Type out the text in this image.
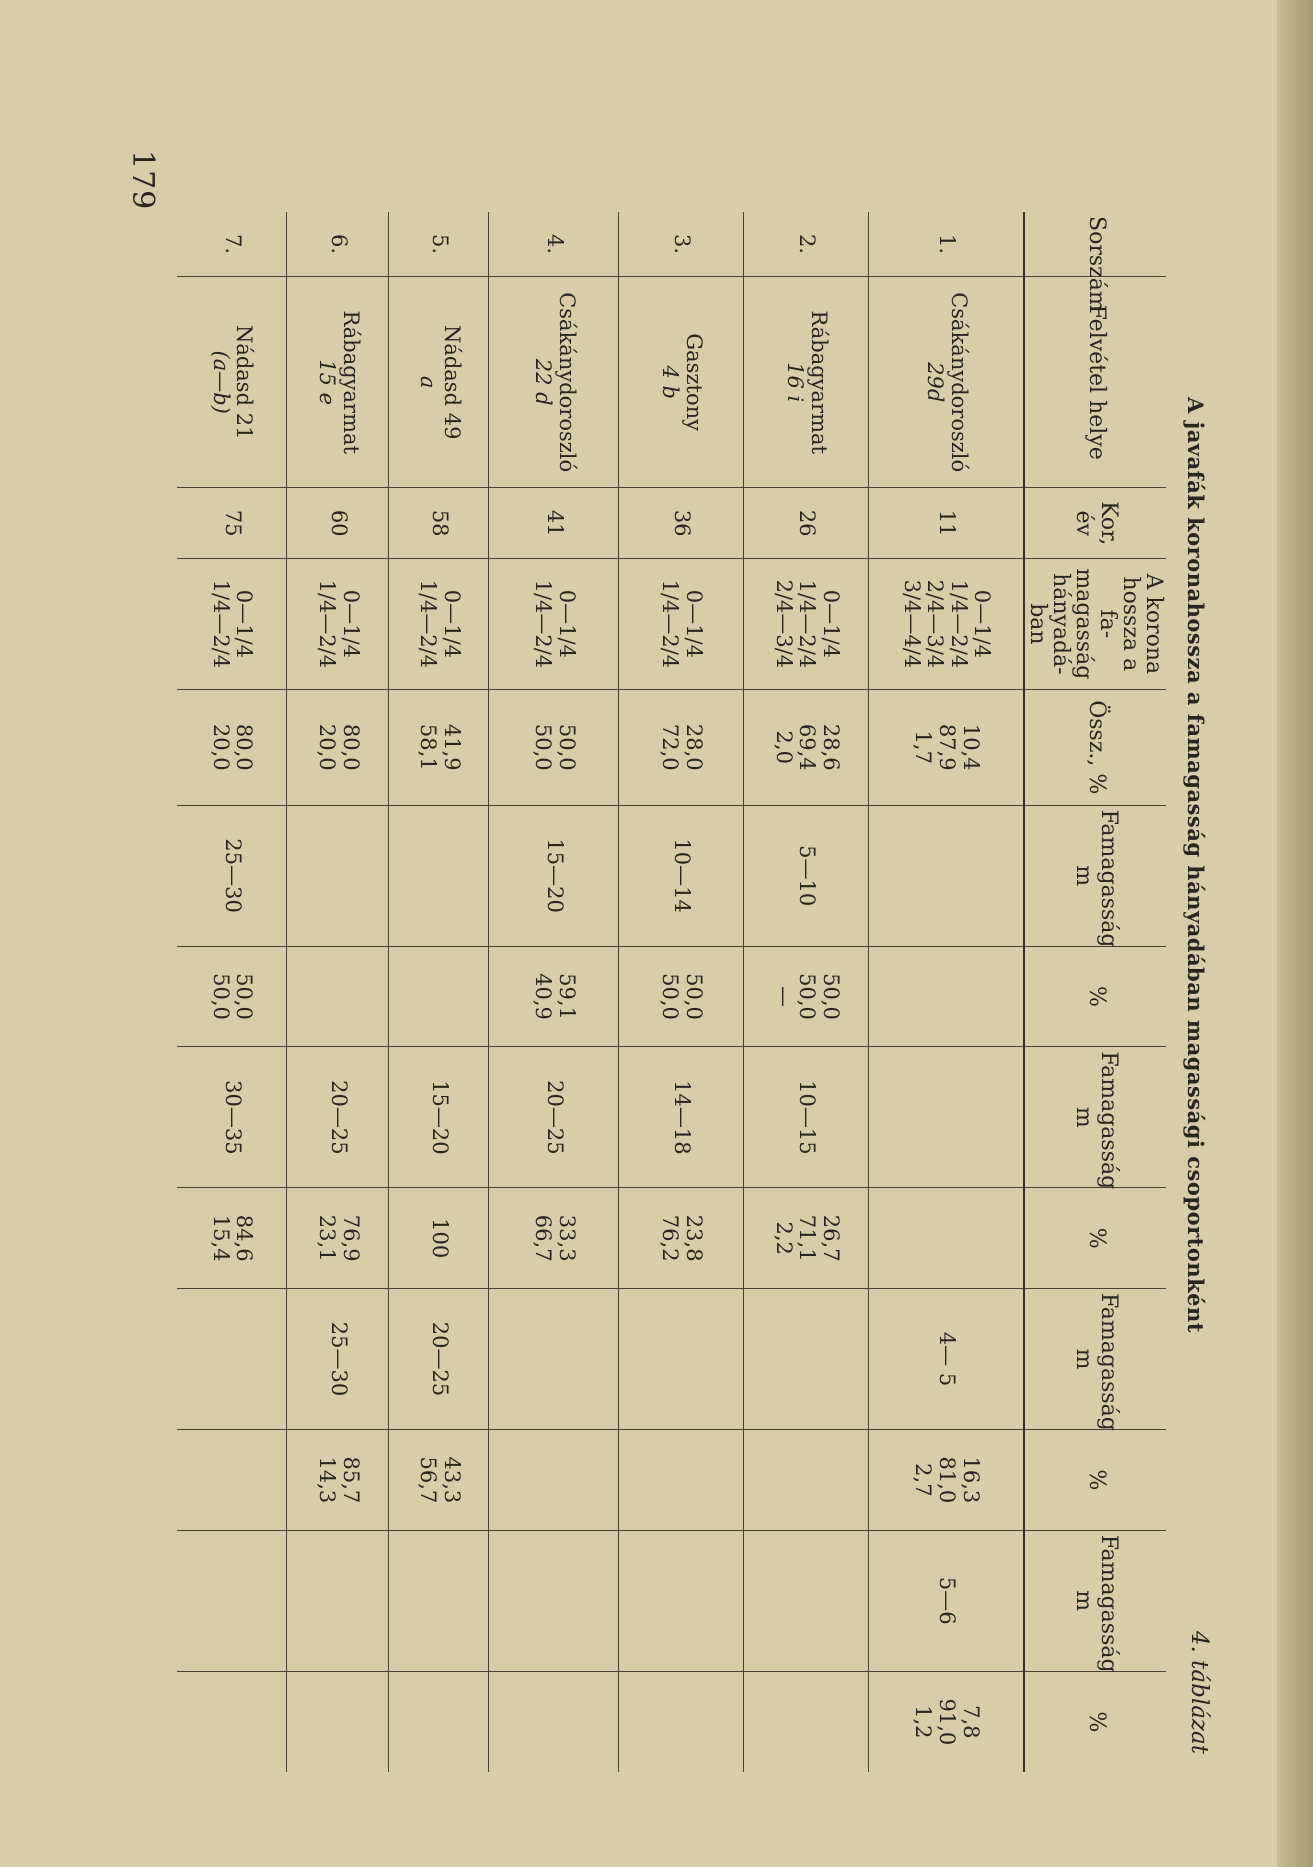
179
4. táblázat
A javafák koronahossza a famagasság hányadában magassági csoportonként
Sorszám	Felvétel helye	Kor, év	A korona
hossza a fa-
magasság
hányadá-
ban	Össz., %	Famagasság m	%	Famagasság m	%	Famagasság m	%	Famagasság m	%
1.	Csákánydoroszló
29d	11	0—1/4
1/4—2/4
2/4—3/4
3/4—4/4	10,4
87,9
1,7					4— 5	16,3
81,0
2,7	5—6	7,8
91,0
1,2

2.	Rábagyarmat
16 i	26	0—1/4
1/4—2/4
2/4—3/4	28,6
69,4
2,0	5—10	50,0
50,0
—	10—15	26,7
71,1
2,2				

3.	Gasztony
4 b	36	0—1/4
1/4—2/4	28,0
72,0	10—14	50,0
50,0	14—18	23,8
76,2				

4.	Csákánydoroszló
22 d	41	0—1/4
1/4—2/4	50,0
50,0	15—20	59,1
40,9	20—25	33,3
66,7				

5.	Nádasd 49
a	58	0—1/4
1/4—2/4	41,9
58,1			15—20	100	20—25	43,3
56,7		

6.	Rábagyarmat
15 e	60	0—1/4
1/4—2/4	80,0
20,0			20—25	76,9
23,1	25—30	85,7
14,3		

7.	Nádasd 21
(a—b)	75	0—1/4
1/4—2/4	80,0
20,0	25—30	50,0
50,0	30—35	84,6
15,4				
